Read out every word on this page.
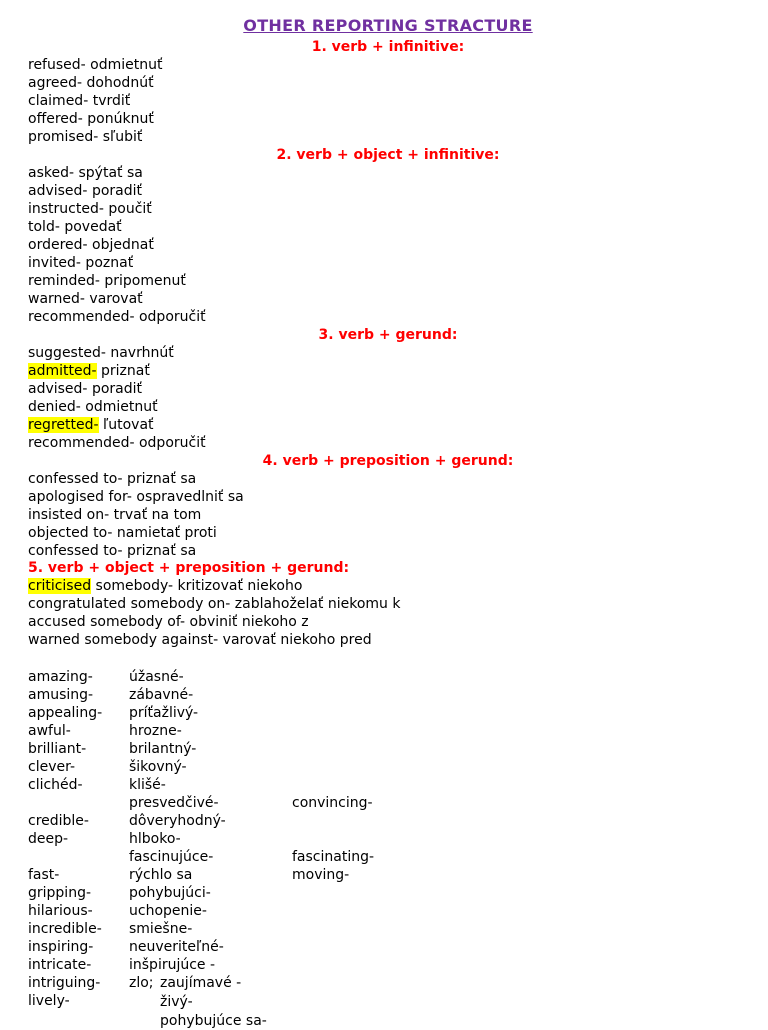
OTHER REPORTING STRACTURE
1. verb + infinitive:
refused- odmietnuť
agreed- dohodnúť
claimed- tvrdiť
offered- ponúknuť
promised- sľubiť
2. verb + object + infinitive:
asked- spýtať sa
advised- poradiť
instructed- poučiť
told- povedať
ordered- objednať
invited- poznať
reminded- pripomenuť
warned- varovať
recommended- odporučiť
3. verb + gerund:
suggested- navrhnúť
admitted- priznať
advised- poradiť
denied- odmietnuť
regretted- ľutovať
recommended- odporučiť
4. verb + preposition + gerund:
confessed to- priznať sa
apologised for- ospravedlniť sa
insisted on- trvať na tom
objected to- namietať proti
confessed to- priznať sa
5. verb + object + preposition + gerund:
criticised somebody- kritizovať niekoho
congratulated somebody on- zablahoželať niekomu k
accused somebody of- obviniť niekoho z
warned somebody against- varovať niekoho pred
amazing-
amusing-
appealing-
awful-
brilliant-
clever-
clichéd-
credible-
deep-
fast-
gripping-
hilarious-
incredible-
inspiring-
intricate-
intriguing-
lively-
úžasné-
zábavné-
príťažlivý-
hrozne-
brilantný-
šikovný-
klišé-
presvedčivé-
dôveryhodný-
hlboko-
fascinujúce-
rýchlo sa
pohybujúci-
uchopenie-
smiešne-
neuveriteľné-
inšpirujúce -
zlo;
convincing-
fascinating-
moving-
zaujímavé -
živý-
pohybujúce sa-
